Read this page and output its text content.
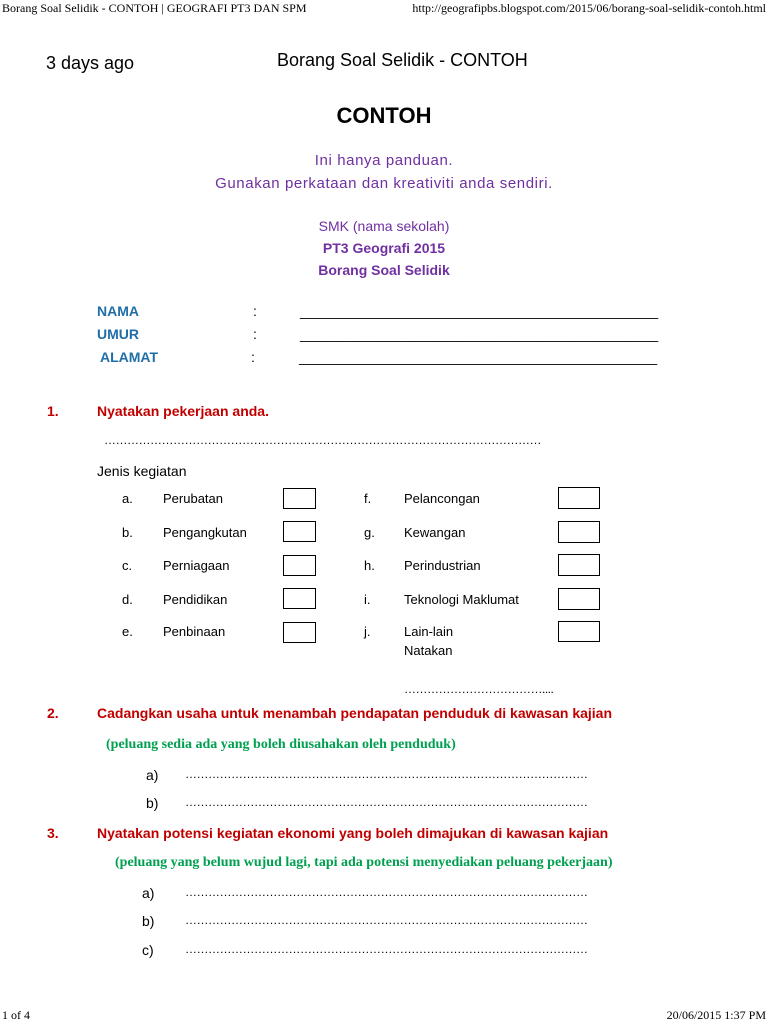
Borang Soal Selidik - CONTOH | GEOGRAFI PT3 DAN SPM	http://geografipbs.blogspot.com/2015/06/borang-soal-selidik-contoh.html
3 days ago	Borang Soal Selidik - CONTOH
CONTOH
Ini hanya panduan.
Gunakan perkataan dan kreativiti anda sendiri.
SMK (nama sekolah)
PT3 Geografi 2015
Borang Soal Selidik
NAMA	:	______________________________________________
UMUR	:	______________________________________________
ALAMAT	:	______________________________________________
1.	Nyatakan pekerjaan anda.
……………………………………………………………………………………………………
Jenis kegiatan
a. Perubatan
b. Pengangkutan
c. Perniagaan
d. Pendidikan
e. Penbinaan
f.	Pelancongan
g. Kewangan
h. Perindustrian
i.	Teknologi Maklumat
j.	Lain-lain
Natakan
………………………………....
2.	Cadangkan usaha untuk menambah pendapatan penduduk di kawasan kajian
(peluang sedia ada yang boleh diusahakan oleh penduduk)
a) ……………………………………………………………………………………………
b) ……………………………………………………………………………………………
3.	Nyatakan potensi kegiatan ekonomi yang boleh dimajukan di kawasan kajian
(peluang yang belum wujud lagi, tapi ada potensi menyediakan peluang pekerjaan)
a)	……………………………………………………………………………………………
b)	……………………………………………………………………………………………
c)	……………………………………………………………………………………………
1 of 4	20/06/2015 1:37 PM
